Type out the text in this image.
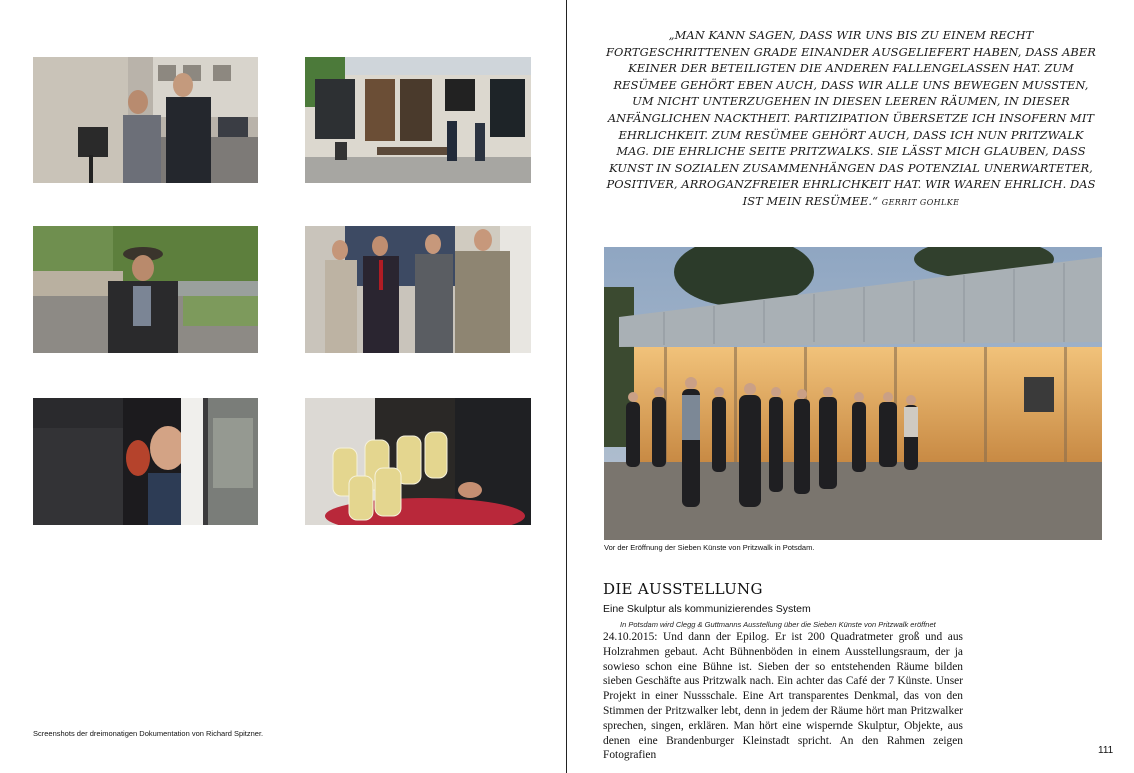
Screenshots der dreimonatigen Dokumentation von Richard Spitzner.
„MAN KANN SAGEN, DASS WIR UNS BIS ZU EINEM RECHT FORTGESCHRITTENEN GRADE EINANDER AUSGELIEFERT HABEN, DASS ABER KEINER DER BETEILIGTEN DIE ANDEREN FALLENGELASSEN HAT. ZUM RESÜMEE GEHÖRT EBEN AUCH, DASS WIR ALLE UNS BEWEGEN MUSSTEN, UM NICHT UNTERZUGEHEN IN DIESEN LEEREN RÄUMEN, IN DIESER ANFÄNGLICHEN NACKTHEIT. PARTIZIPATION ÜBERSETZE ICH INSOFERN MIT EHRLICHKEIT. ZUM RESÜMEE GEHÖRT AUCH, DASS ICH NUN PRITZWALK MAG. DIE EHRLICHE SEITE PRITZWALKS. SIE LÄSST MICH GLAUBEN, DASS KUNST IN SOZIALEN ZUSAMMENHÄNGEN DAS POTENZIAL UNERWARTETER, POSITIVER, ARROGANZFREIER EHRLICHKEIT HAT. WIR WAREN EHRLICH. DAS IST MEIN RESÜMEE.“ GERRIT GOHLKE
Vor der Eröffnung der Sieben Künste von Pritzwalk in Potsdam.
DIE AUSSTELLUNG
Eine Skulptur als kommunizierendes System
In Potsdam wird Clegg & Guttmanns Ausstellung über die Sieben Künste von Pritzwalk eröffnet
24.10.2015: Und dann der Epilog. Er ist 200 Quadratmeter groß und aus Holzrahmen gebaut. Acht Bühnenböden in einem Ausstellungsraum, der ja sowieso schon eine Bühne ist. Sieben der so entstehenden Räume bilden sieben Geschäfte aus Pritzwalk nach. Ein achter das Café der 7 Künste. Unser Projekt in einer Nussschale. Eine Art transparentes Denkmal, das von den Stimmen der Pritzwalker lebt, denn in jedem der Räume hört man Pritzwalker sprechen, singen, erklären. Man hört eine wispernde Skulptur, Objekte, aus denen eine Brandenburger Kleinstadt spricht. An den Rahmen zeigen Fotografien	111
